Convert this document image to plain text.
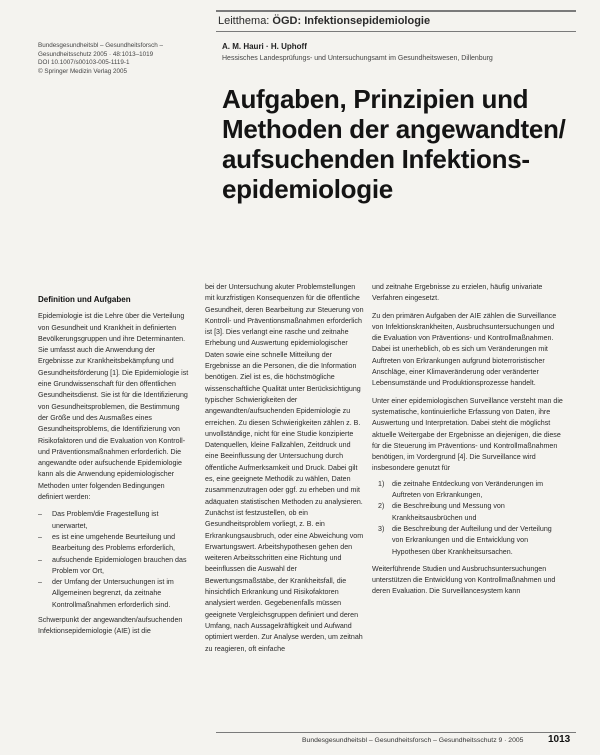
Leitthema: ÖGD: Infektionsepidemiologie
Bundesgesundheitsbl – Gesundheitsforsch –
Gesundheitsschutz 2005 · 48:1013–1019
DOI 10.1007/s00103-005-1119-1
© Springer Medizin Verlag 2005
A. M. Hauri · H. Uphoff
Hessisches Landesprüfungs- und Untersuchungsamt im Gesundheitswesen, Dillenburg
Aufgaben, Prinzipien und
Methoden der angewandten/
aufsuchenden Infektions-
epidemiologie

Definition und Aufgaben

Epidemiologie ist die Lehre über die Verteilung von Gesundheit und Krankheit in definierten Bevölkerungsgruppen und ihre Determinanten. Sie umfasst auch die Anwendung der Ergebnisse zur Krankheitsbekämpfung und Gesundheitsförderung [1]. Die Epidemiologie ist eine Grundwissenschaft für den öffentlichen Gesundheitsdienst. Sie ist für die Identifizierung von Gesundheitsproblemen, die Bestimmung der Größe und des Ausmaßes eines Gesundheitsproblems, die Identifizierung von Risikofaktoren und die Evaluation von Kontroll- und Präventionsmaßnahmen erforderlich. Die angewandte oder aufsuchende Epidemiologie kann als die Anwendung epidemiologischer Methoden unter folgenden Bedingungen definiert werden:

– Das Problem/die Fragestellung ist unerwartet,
– es ist eine umgehende Beurteilung und Bearbeitung des Problems erforderlich,
– aufsuchende Epidemiologen brauchen das Problem vor Ort,
– der Umfang der Untersuchungen ist im Allgemeinen begrenzt, da zeitnahe Kontrollmaßnahmen erforderlich sind.

Schwerpunkt der angewandten/aufsuchenden Infektionsepidemiologie (AIE) ist die

bei der Untersuchung akuter Problemstellungen mit kurzfristigen Konsequenzen für die öffentliche Gesundheit, deren Bearbeitung zur Steuerung von Kontroll- und Präventionsmaßnahmen erforderlich ist [3]. Dies verlangt eine rasche und zeitnahe Erhebung und Auswertung epidemiologischer Daten sowie eine schnelle Mitteilung der Ergebnisse an die Personen, die die Information benötigen. Ziel ist es, die höchstmögliche wissenschaftliche Qualität unter Berücksichtigung typischer Schwierigkeiten der angewandten/aufsuchenden Epidemiologie zu erreichen. Zu diesen Schwierigkeiten zählen z. B. unvollständige, nicht für eine Studie konzipierte Datenquellen, kleine Fallzahlen, Zeitdruck und eine Beeinflussung der Untersuchung durch öffentliche Aufmerksamkeit und Druck. Dabei gilt es, eine geeignete Methodik zu wählen, Daten zusammenzutragen oder ggf. zu erheben und mit adäquaten statistischen Methoden zu analysieren. Zunächst ist festzustellen, ob ein Gesundheitsproblem vorliegt, z. B. ein Erkrankungsausbruch, oder eine Abweichung vom Erwartungswert. Arbeitshypothesen gehen den weiteren Arbeitsschritten eine Richtung und beeinflussen die Auswahl der Bewertungsmaßstäbe, der Krankheitsfall, die hinsichtlich Erkrankung und Risikofaktoren analysiert werden. Gegebenenfalls müssen geeignete Vergleichsgruppen definiert und deren Umfang, nach Aussagekräftigkeit und Aufwand optimiert werden. Zur Analyse werden, um zeitnah zu reagieren, oft einfache

und zeitnahe Ergebnisse zu erzielen, häufig univariate Verfahren eingesetzt.

Zu den primären Aufgaben der AIE zählen die Surveillance von Infektionskrankheiten, Ausbruchsuntersuchungen und die Evaluation von Präventions- und Kontrollmaßnahmen. Dabei ist unerheblich, ob es sich um Veränderungen mit Auftreten von Erkrankungen aufgrund bioterroristischer Anschläge, einer Klimaveränderung oder veränderter Lebensumstände und Produktionsprozesse handelt.

Unter einer epidemiologischen Surveillance versteht man die systematische, kontinuierliche Erfassung von Daten, ihre Auswertung und Interpretation. Dabei steht die möglichst aktuelle Weitergabe der Ergebnisse an diejenigen, die diese für die Steuerung im Präventions- und Kontrollmaßnahmen benötigen, im Vordergrund [4]. Die Surveillance wird insbesondere genutzt für

1) die zeitnahe Entdeckung von Veränderungen im Auftreten von Erkrankungen,
2) die Beschreibung und Messung von Krankheitsausbrüchen und
3) die Beschreibung der Aufteilung und der Verteilung von Erkrankungen und die Entwicklung von Hypothesen über Krankheitsursachen.

Weiterführende Studien und Ausbruchsuntersuchungen unterstützen die Entwicklung von Kontrollmaßnahmen und deren Evaluation. Die Surveillancesystem kann

Bundesgesundheitsbl – Gesundheitsforsch – Gesundheitsschutz 9 · 2005 1013
